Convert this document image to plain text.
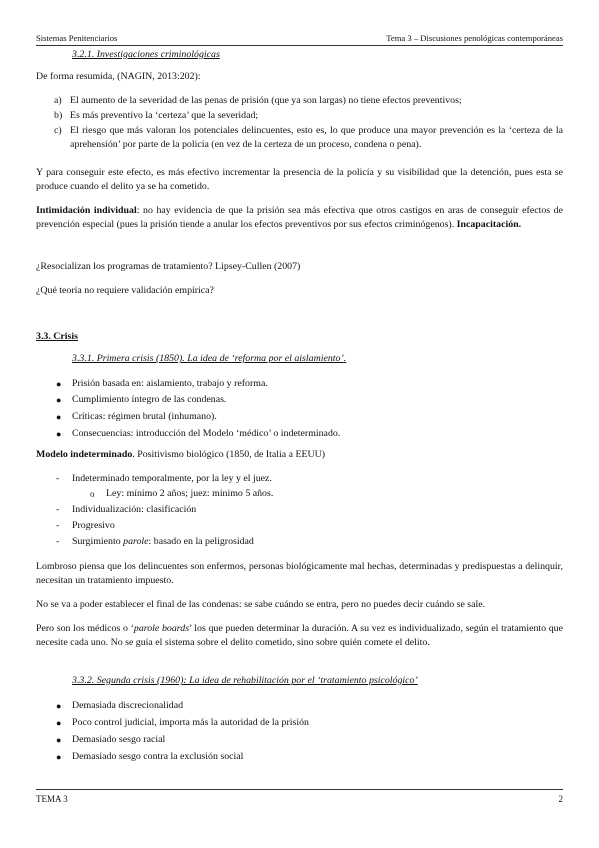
Sistemas Penitenciarios	Tema 3 – Discusiones penológicas contemporáneas

3.2.1. Investigaciones criminológicas

De forma resumida, (NAGIN, 2013:202):

a) El aumento de la severidad de las penas de prisión (que ya son largas) no tiene efectos preventivos;
b) Es más preventivo la ‘certeza’ que la severidad;
c) El riesgo que más valoran los potenciales delincuentes, esto es, lo que produce una mayor prevención es la ‘certeza de la aprehensión’ por parte de la policía (en vez de la certeza de un proceso, condena o pena).

Y para conseguir este efecto, es más efectivo incrementar la presencia de la policía y su visibilidad que la detención, pues esta se produce cuando el delito ya se ha cometido.

Intimidación individual: no hay evidencia de que la prisión sea más efectiva que otros castigos en aras de conseguir efectos de prevención especial (pues la prisión tiende a anular los efectos preventivos por sus efectos criminógenos). Incapacitación.

¿Resocializan los programas de tratamiento? Lipsey-Cullen (2007)

¿Qué teoría no requiere validación empírica?

3.3. Crisis

3.3.1. Primera crisis (1850). La idea de ‘reforma por el aislamiento’.

● Prisión basada en: aislamiento, trabajo y reforma.
● Cumplimiento íntegro de las condenas.
● Críticas: régimen brutal (inhumano).
● Consecuencias: introducción del Modelo ‘médico’ o indeterminado.

Modelo indeterminado. Positivismo biológico (1850, de Italia a EEUU)

- Indeterminado temporalmente, por la ley y el juez.
o Ley: mínimo 2 años; juez: mínimo 5 años.
- Individualización: clasificación
- Progresivo
- Surgimiento parole: basado en la peligrosidad

Lombroso piensa que los delincuentes son enfermos, personas biológicamente mal hechas, determinadas y predispuestas a delinquir, necesitan un tratamiento impuesto.

No se va a poder establecer el final de las condenas: se sabe cuándo se entra, pero no puedes decir cuándo se sale.

Pero son los médicos o ‘parole boards’ los que pueden determinar la duración. A su vez es individualizado, según el tratamiento que necesite cada uno. No se guía el sistema sobre el delito cometido, sino sobre quién comete el delito.

3.3.2. Segunda crisis (1960): La idea de rehabilitación por el ‘tratamiento psicológico’

● Demasiada discrecionalidad
● Poco control judicial, importa más la autoridad de la prisión
● Demasiado sesgo racial
● Demasiado sesgo contra la exclusión social
TEMA 3	2
